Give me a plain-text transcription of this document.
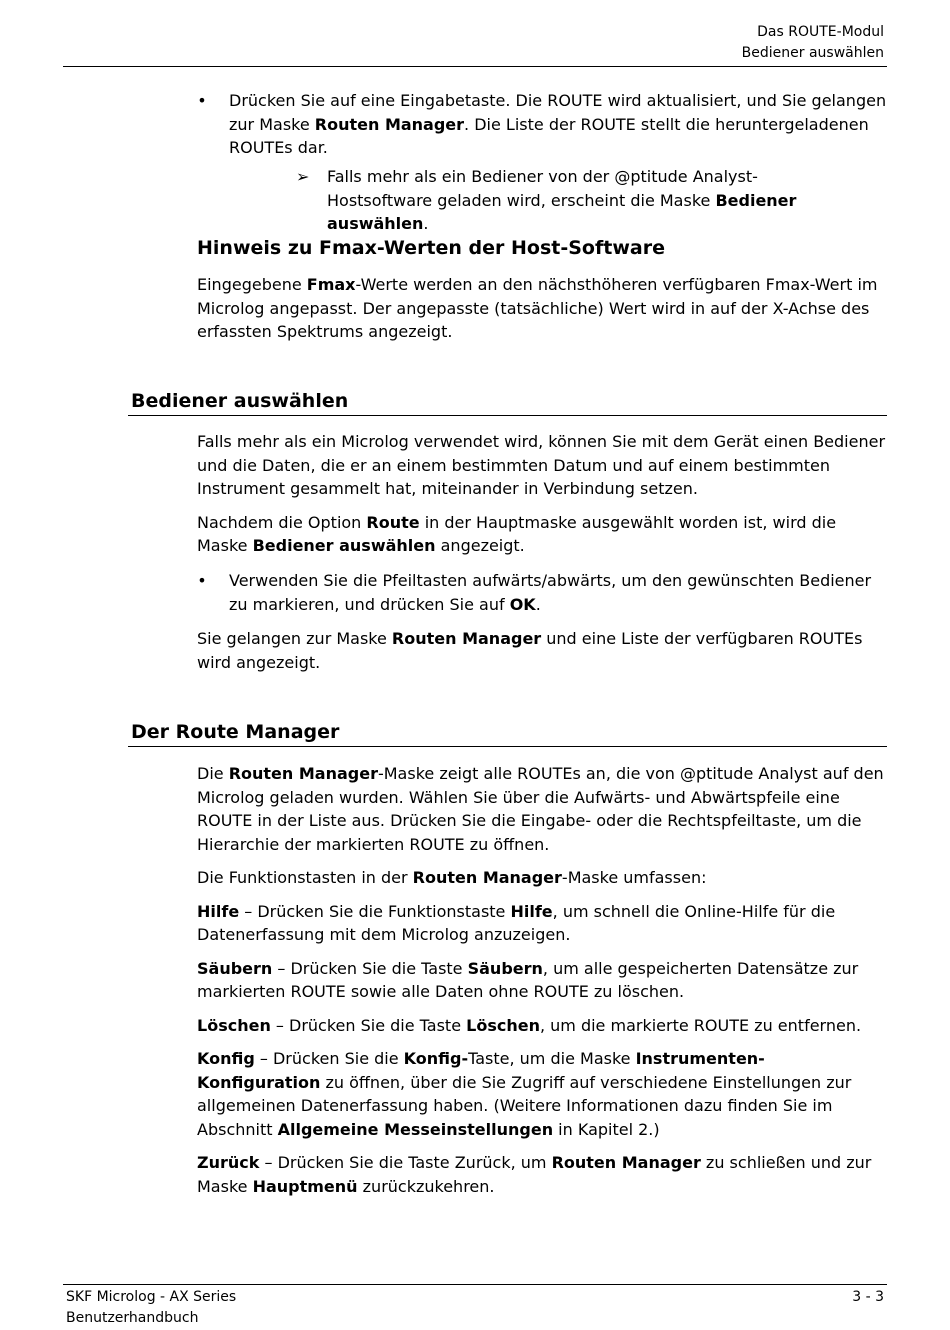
Das ROUTE-Modul
Bediener auswählen
• Drücken Sie auf eine Eingabetaste. Die ROUTE wird aktualisiert, und Sie gelangen zur Maske Routen Manager. Die Liste der ROUTE stellt die heruntergeladenen ROUTEs dar.

➢ Falls mehr als ein Bediener von der @ptitude Analyst-Hostsoftware geladen wird, erscheint die Maske Bediener auswählen.

Hinweis zu Fmax-Werten der Host-Software

Eingegebene Fmax-Werte werden an den nächsthöheren verfügbaren Fmax-Wert im Microlog angepasst. Der angepasste (tatsächliche) Wert wird in auf der X-Achse des erfassten Spektrums angezeigt.

Bediener auswählen

Falls mehr als ein Microlog verwendet wird, können Sie mit dem Gerät einen Bediener und die Daten, die er an einem bestimmten Datum und auf einem bestimmten Instrument gesammelt hat, miteinander in Verbindung setzen.

Nachdem die Option Route in der Hauptmaske ausgewählt worden ist, wird die Maske Bediener auswählen angezeigt.

• Verwenden Sie die Pfeiltasten aufwärts/abwärts, um den gewünschten Bediener zu markieren, und drücken Sie auf OK.

Sie gelangen zur Maske Routen Manager und eine Liste der verfügbaren ROUTEs wird angezeigt.

Der Route Manager

Die Routen Manager-Maske zeigt alle ROUTEs an, die von @ptitude Analyst auf den Microlog geladen wurden. Wählen Sie über die Aufwärts- und Abwärtspfeile eine ROUTE in der Liste aus. Drücken Sie die Eingabe- oder die Rechtspfeiltaste, um die Hierarchie der markierten ROUTE zu öffnen.

Die Funktionstasten in der Routen Manager-Maske umfassen:

Hilfe – Drücken Sie die Funktionstaste Hilfe, um schnell die Online-Hilfe für die Datenerfassung mit dem Microlog anzuzeigen.

Säubern – Drücken Sie die Taste Säubern, um alle gespeicherten Datensätze zur markierten ROUTE sowie alle Daten ohne ROUTE zu löschen.

Löschen – Drücken Sie die Taste Löschen, um die markierte ROUTE zu entfernen.

Konfig – Drücken Sie die Konfig-Taste, um die Maske Instrumenten-Konfiguration zu öffnen, über die Sie Zugriff auf verschiedene Einstellungen zur allgemeinen Datenerfassung haben. (Weitere Informationen dazu finden Sie im Abschnitt Allgemeine Messeinstellungen in Kapitel 2.)

Zurück – Drücken Sie die Taste Zurück, um Routen Manager zu schließen und zur Maske Hauptmenü zurückzukehren.

SKF Microlog - AX Series
Benutzerhandbuch
3 - 3
